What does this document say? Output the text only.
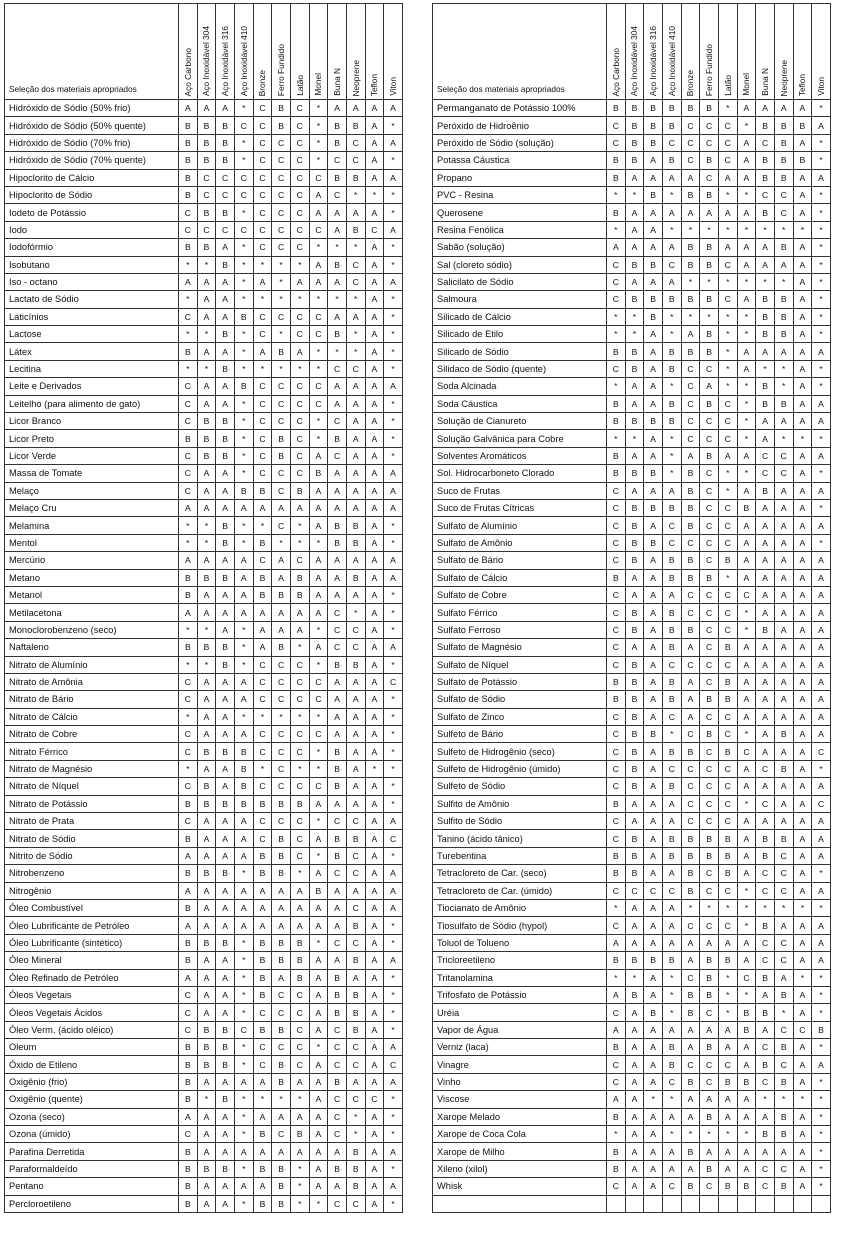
Seleção dos materiais apropriados	Aço Carbono	Aço Inoxidável 304	Aço Inoxidável 316	Aço Inoxidável 410	Bronze	Ferro Fundido	Latão	Monel	Buna N	Neoprene	Teflon	Viton

Hidróxido de Sódio (50% frio)	A	A	A	*	C	B	C	*	A	A	A	A
Hidróxido de Sódio (50% quente)	B	B	B	C	C	B	C	*	B	B	A	*
Hidróxido de Sódio (70% frio)	B	B	B	*	C	C	C	*	B	C	A	A
Hidróxido de Sódio (70% quente)	B	B	B	*	C	C	C	*	C	C	A	*
Hipoclorito de Cálcio	B	C	C	C	C	C	C	C	B	B	A	A
Hipoclorito de Sódio	B	C	C	C	C	C	C	A	C	*	*	*
Iodeto de Potássio	C	B	B	*	C	C	C	A	A	A	A	*
Iodo	C	C	C	C	C	C	C	C	A	B	C	A
Iodofórmio	B	B	A	*	C	C	C	*	*	*	A	*
Isobutano	*	*	B	*	*	*	*	A	B	C	A	*
Iso - octano	A	A	A	*	A	*	A	A	A	C	A	A
Lactato de Sódio	*	A	A	*	*	*	*	*	*	*	A	*
Laticínios	C	A	A	B	C	C	C	C	A	A	A	*
Lactose	*	*	B	*	C	*	C	C	B	*	A	*
Látex	B	A	A	*	A	B	A	*	*	*	A	*
Lecitina	*	*	B	*	*	*	*	*	C	C	A	*
Leite e Derivados	C	A	A	B	C	C	C	C	A	A	A	A
Leitelho (para alimento de gato)	C	A	A	*	C	C	C	C	A	A	A	*
Licor Branco	C	B	B	*	C	C	C	*	C	A	A	*
Licor Preto	B	B	B	*	C	B	C	*	B	A	A	*
Licor Verde	C	B	B	*	C	B	C	A	C	A	A	*
Massa de Tomate	C	A	A	*	C	C	C	B	A	A	A	A
Melaço	C	A	A	B	B	C	B	A	A	A	A	A
Melaço Cru	A	A	A	A	A	A	A	A	A	A	A	A
Melamina	*	*	B	*	*	C	*	A	B	B	A	*
Mentol	*	*	B	*	B	*	*	*	B	B	A	*
Mercúrio	A	A	A	A	C	A	C	A	A	A	A	A
Metano	B	B	B	A	B	A	B	A	A	B	A	A
Metanol	B	A	A	A	B	B	B	A	A	A	A	*
Metilacetona	A	A	A	A	A	A	A	A	C	*	A	*
Monoclorobenzeno (seco)	*	*	A	*	A	A	A	*	C	C	A	*
Naftaleno	B	B	B	*	A	B	*	A	C	C	A	A
Nitrato de Alumínio	*	*	B	*	C	C	C	*	B	B	A	*
Nitrato de Amônia	C	A	A	A	C	C	C	C	A	A	A	C
Nitrato de Bário	C	A	A	A	C	C	C	C	A	A	A	*
Nitrato de Cálcio	*	A	A	*	*	*	*	*	A	A	A	*
Nitrato de Cobre	C	A	A	A	C	C	C	C	A	A	A	*
Nitrato Férrico	C	B	B	B	C	C	C	*	B	A	A	*
Nitrato de Magnésio	*	A	A	B	*	C	*	*	B	A	*	*
Nitrato de Níquel	C	B	A	B	C	C	C	C	B	A	A	*
Nitrato de Potássio	B	B	B	B	B	B	B	A	A	A	A	*
Nitrato de Prata	C	A	A	A	C	C	C	*	C	C	A	A
Nitrato de Sódio	B	A	A	A	C	B	C	A	B	B	A	C
Nitrito de Sódio	A	A	A	A	B	B	C	*	B	C	A	*
Nitrobenzeno	B	B	B	*	B	B	*	A	C	C	A	A
Nitrogênio	A	A	A	A	A	A	A	B	A	A	A	A
Óleo Combustível	B	A	A	A	A	A	A	A	A	C	A	A
Óleo Lubrificante de Petróleo	A	A	A	A	A	A	A	A	A	B	A	*
Óleo Lubrificante (sintético)	B	B	B	*	B	B	B	*	C	C	A	*
Óleo Mineral	B	A	A	*	B	B	B	A	A	B	A	A
Óleo Refinado de Petróleo	A	A	A	*	B	A	B	A	B	A	A	*
Óleos Vegetais	C	A	A	*	B	C	C	A	B	B	A	*
Óleos Vegetais Ácidos	C	A	A	*	C	C	C	A	B	B	A	*
Óleo Verm. (ácido oléico)	C	B	B	C	B	B	C	A	C	B	A	*
Oleum	B	B	B	*	C	C	C	*	C	C	A	A
Óxido de Etileno	B	B	B	*	C	B	C	A	C	C	A	C
Oxigênio (frio)	B	A	A	A	A	B	A	A	B	A	A	A
Oxigênio (quente)	B	*	B	*	*	*	*	A	C	C	C	*
Ozona (seco)	A	A	A	*	A	A	A	A	C	*	A	*
Ozona (úmido)	C	A	A	*	B	C	B	A	C	*	A	*
Parafina Derretida	B	A	A	A	A	A	A	A	A	B	A	A
Paraformaldeído	B	B	B	*	B	B	*	A	B	B	A	*
Pentano	B	A	A	A	A	B	*	A	A	B	A	A
Percloroetileno	B	A	A	*	B	B	*	*	C	C	A	*
Seleção dos materiais apropriados	Aço Carbono	Aço Inoxidável 304	Aço Inoxidável 316	Aço Inoxidável 410	Bronze	Ferro Fundido	Latão	Monel	Buna N	Neoprene	Teflon	Viton

Permanganato de Potássio 100%	B	B	B	B	B	B	*	A	A	A	A	*
Peróxido de Hidroênio	C	B	B	B	C	C	C	*	B	B	B	A
Peróxido de Sódio (solução)	C	B	B	C	C	C	C	A	C	B	A	*
Potassa Cáustica	B	B	A	B	C	B	C	A	B	B	B	*
Propano	B	A	A	A	A	C	A	A	B	B	A	A
PVC - Resina	*	*	B	*	B	B	*	*	C	C	A	*
Querosene	B	A	A	A	A	A	A	A	B	C	A	*
Resina Fenólica	*	A	A	*	*	*	*	*	*	*	*	*
Sabão (solução)	A	A	A	A	B	B	A	A	A	B	A	*
Sal (cloreto sódio)	C	B	B	C	B	B	C	A	A	A	A	*
Salicilato de Sódio	C	A	A	A	*	*	*	*	*	*	A	*
Salmoura	C	B	B	B	B	B	C	A	B	B	A	*
Silicado de Cálcio	*	*	B	*	*	*	*	*	B	B	A	*
Silicado de Etilo	*	*	A	*	A	B	*	*	B	B	A	*
Silicado de Sódio	B	B	A	B	B	B	*	A	A	A	A	A
Silidaco de Sódio (quente)	C	B	A	B	C	C	*	A	*	*	A	*
Soda Alcinada	*	A	A	*	C	A	*	*	B	*	A	*
Soda Cáustica	B	A	A	B	C	B	C	*	B	B	A	A
Solução de Cianureto	B	B	B	B	C	C	C	*	A	A	A	A
Solução Galvânica para Cobre	*	*	A	*	C	C	C	*	A	*	*	*
Solventes Aromáticos	B	A	A	*	A	B	A	A	C	C	A	A
Sol. Hidrocarboneto Clorado	B	B	B	*	B	C	*	*	C	C	A	*
Suco de Frutas	C	A	A	A	B	C	*	A	B	A	A	A
Suco de Frutas Cítricas	C	B	B	B	B	C	C	B	A	A	A	*
Sulfato de Alumínio	C	B	A	C	B	C	C	A	A	A	A	A
Sulfato de Amônio	C	B	B	C	C	C	C	A	A	A	A	*
Sulfato de Bário	C	B	A	B	B	C	B	A	A	A	A	A
Sulfato de Cálcio	B	A	A	B	B	B	*	A	A	A	A	A
Sulfato de Cobre	C	A	A	A	C	C	C	C	A	A	A	A
Sulfato Férrico	C	B	A	B	C	C	C	*	A	A	A	A
Sulfato Ferroso	C	B	A	B	B	C	C	*	B	A	A	A
Sulfato de Magnésio	C	A	A	B	A	C	B	A	A	A	A	A
Sulfato de Níquel	C	B	A	C	C	C	C	A	A	A	A	A
Sulfato de Potássio	B	B	A	B	A	C	B	A	A	A	A	A
Sulfato de Sódio	B	B	A	B	A	B	B	A	A	A	A	A
Sulfato de Zinco	C	B	A	C	A	C	C	A	A	A	A	A
Sulfeto de Bário	C	B	B	*	C	B	C	*	A	B	A	A
Sulfeto de Hidrogênio (seco)	C	B	A	B	B	C	B	C	A	A	A	C
Sulfeto de Hidrogênio (úmido)	C	B	A	C	C	C	C	A	C	B	A	*
Sulfeto de Sódio	C	B	A	B	C	C	C	A	A	A	A	A
Sulfito de Amônio	B	A	A	A	C	C	C	*	C	A	A	C
Sulfito de Sódio	C	A	A	A	C	C	C	A	A	A	A	A
Tanino (ácido tânico)	C	B	A	B	B	B	B	A	B	B	A	A
Turebentina	B	B	A	B	B	B	B	A	B	C	A	A
Tetracloreto de Car. (seco)	B	B	A	A	B	C	B	A	C	C	A	*
Tetracloreto de Car. (úmido)	C	C	C	C	B	C	C	*	C	C	A	A
Tiocianato de Amônio	*	A	A	A	*	*	*	*	*	*	*	*
Tiosulfato de Sódio (hypol)	C	A	A	A	C	C	C	*	B	A	A	A
Toluol de Tolueno	A	A	A	A	A	A	A	A	C	C	A	A
Tricloreetileno	B	B	B	B	A	B	B	A	C	C	A	A
Tritanolamina	*	*	A	*	C	B	*	C	B	A	*	*
Trifosfato de Potássio	A	B	A	*	B	B	*	*	A	B	A	*
Uréia	C	A	B	*	B	C	*	B	B	*	A	*
Vapor de Água	A	A	A	A	A	A	A	B	A	C	C	B
Verniz (laca)	B	A	A	B	A	B	A	A	C	B	A	*
Vinagre	C	A	A	B	C	C	C	A	B	C	A	A
Vinho	C	A	A	C	B	C	B	B	C	B	A	*
Viscose	A	A	*	*	A	A	A	A	*	*	*	*
Xarope Melado	B	A	A	A	A	B	A	A	A	B	A	*
Xarope de Coca Cola	*	A	A	*	*	*	*	*	B	B	A	*
Xarope de Milho	B	A	A	A	B	A	A	A	A	A	A	*
Xileno (xilol)	B	A	A	A	A	B	A	A	C	C	A	*
Whisk	C	A	A	C	B	C	B	B	C	B	A	*
